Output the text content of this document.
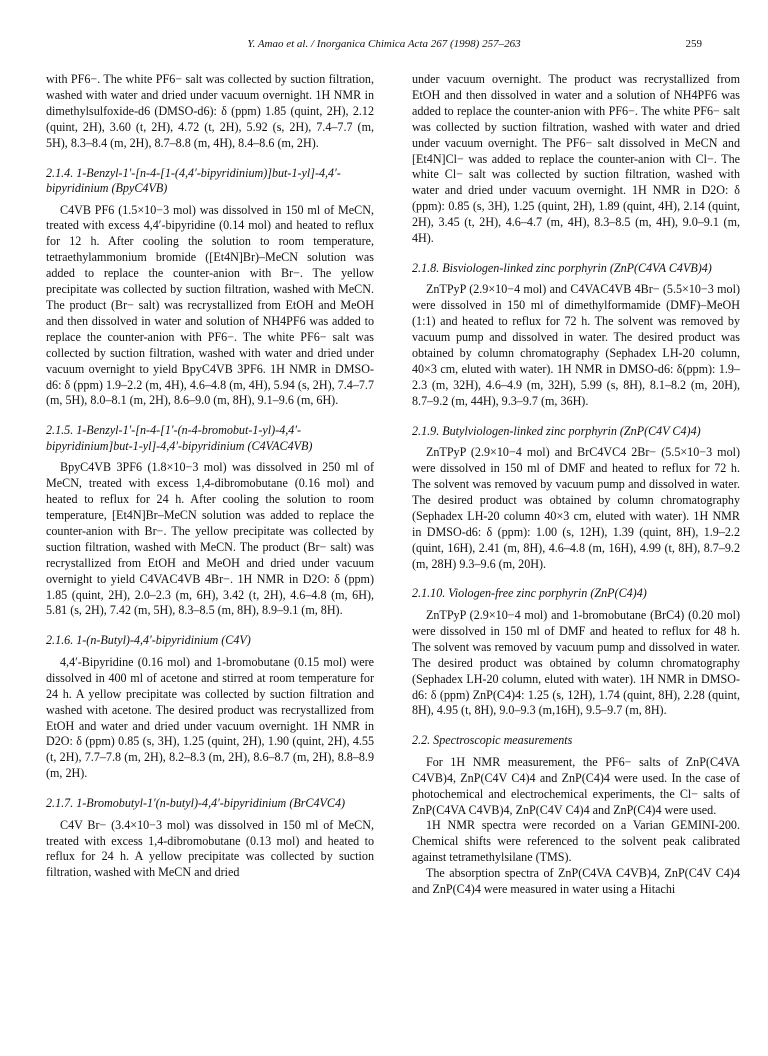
Y. Amao et al. / Inorganica Chimica Acta 267 (1998) 257–263	259

with PF6−. The white PF6− salt was collected by suction filtration, washed with water and dried under vacuum overnight. 1H NMR in dimethylsulfoxide-d6 (DMSO-d6): δ (ppm) 1.85 (quint, 2H), 2.12 (quint, 2H), 3.60 (t, 2H), 4.72 (t, 2H), 5.92 (s, 2H), 7.4–7.7 (m, 5H), 8.3–8.4 (m, 2H), 8.7–8.8 (m, 4H), 8.4–8.6 (m, 2H).

2.1.4. 1-Benzyl-1′-[n-4-[1-(4,4′-bipyridinium)]but-1-yl]-4,4′-bipyridinium (BpyC4VB)

C4VB PF6 (1.5×10−3 mol) was dissolved in 150 ml of MeCN, treated with excess 4,4′-bipyridine (0.14 mol) and heated to reflux for 12 h. After cooling the solution to room temperature, tetraethylammonium bromide ([Et4N]Br)–MeCN solution was added to replace the counter-anion with Br−. The yellow precipitate was collected by suction filtration, washed with MeCN. The product (Br− salt) was recrystallized from EtOH and MeOH and then dissolved in water and solution of NH4PF6 was added to replace the counter-anion with PF6−. The white PF6− salt was collected by suction filtration, washed with water and dried under vacuum overnight to yield BpyC4VB 3PF6. 1H NMR in DMSO-d6: δ (ppm) 1.9–2.2 (m, 4H), 4.6–4.8 (m, 4H), 5.94 (s, 2H), 7.4–7.7 (m, 5H), 8.0–8.1 (m, 2H), 8.6–9.0 (m, 8H), 9.1–9.6 (m, 6H).

2.1.5. 1-Benzyl-1′-[n-4-[1′-(n-4-bromobut-1-yl)-4,4′-bipyridinium]but-1-yl]-4,4′-bipyridinium (C4VAC4VB)

BpyC4VB 3PF6 (1.8×10−3 mol) was dissolved in 250 ml of MeCN, treated with excess 1,4-dibromobutane (0.16 mol) and heated to reflux for 24 h. After cooling the solution to room temperature, [Et4N]Br–MeCN solution was added to replace the counter-anion with Br−. The yellow precipitate was collected by suction filtration, washed with MeCN. The product (Br− salt) was recrystallized from EtOH and MeOH and dried under vacuum overnight to yield C4VAC4VB 4Br−. 1H NMR in D2O: δ (ppm) 1.85 (quint, 2H), 2.0–2.3 (m, 6H), 3.42 (t, 2H), 4.6–4.8 (m, 6H), 5.81 (s, 2H), 7.42 (m, 5H), 8.3–8.5 (m, 8H), 8.9–9.1 (m, 8H).

2.1.6. 1-(n-Butyl)-4,4′-bipyridinium (C4V)

4,4′-Bipyridine (0.16 mol) and 1-bromobutane (0.15 mol) were dissolved in 400 ml of acetone and stirred at room temperature for 24 h. A yellow precipitate was collected by suction filtration and washed with acetone. The desired product was recrystallized from EtOH and water and dried under vacuum overnight. 1H NMR in D2O: δ (ppm) 0.85 (s, 3H), 1.25 (quint, 2H), 1.90 (quint, 2H), 4.55 (t, 2H), 7.7–7.8 (m, 2H), 8.2–8.3 (m, 2H), 8.6–8.7 (m, 2H), 8.8–8.9 (m, 2H).

2.1.7. 1-Bromobutyl-1′(n-butyl)-4,4′-bipyridinium (BrC4VC4)

C4V Br− (3.4×10−3 mol) was dissolved in 150 ml of MeCN, treated with excess 1,4-dibromobutane (0.13 mol) and heated to reflux for 24 h. A yellow precipitate was collected by suction filtration, washed with MeCN and dried

under vacuum overnight. The product was recrystallized from EtOH and then dissolved in water and a solution of NH4PF6 was added to replace the counter-anion with PF6−. The white PF6− salt was collected by suction filtration, washed with water and dried under vacuum overnight. The PF6− salt dissolved in MeCN and [Et4N]Cl− was added to replace the counter-anion with Cl−. The white Cl− salt was collected by suction filtration, washed with water and dried under vacuum overnight. 1H NMR in D2O: δ (ppm): 0.85 (s, 3H), 1.25 (quint, 2H), 1.89 (quint, 4H), 2.14 (quint, 2H), 3.45 (t, 2H), 4.6–4.7 (m, 4H), 8.3–8.5 (m, 4H), 9.0–9.1 (m, 4H).

2.1.8. Bisviologen-linked zinc porphyrin (ZnP(C4VA C4VB)4)

ZnTPyP (2.9×10−4 mol) and C4VAC4VB 4Br− (5.5×10−3 mol) were dissolved in 150 ml of dimethylformamide (DMF)–MeOH (1:1) and heated to reflux for 72 h. The solvent was removed by vacuum pump and dissolved in water. The desired product was obtained by column chromatography (Sephadex LH-20 column, 40×3 cm, eluted with water). 1H NMR in DMSO-d6: δ(ppm): 1.9–2.3 (m, 32H), 4.6–4.9 (m, 32H), 5.99 (s, 8H), 8.1–8.2 (m, 20H), 8.7–9.2 (m, 44H), 9.3–9.7 (m, 36H).

2.1.9. Butylviologen-linked zinc porphyrin (ZnP(C4V C4)4)

ZnTPyP (2.9×10−4 mol) and BrC4VC4 2Br− (5.5×10−3 mol) were dissolved in 150 ml of DMF and heated to reflux for 72 h. The solvent was removed by vacuum pump and dissolved in water. The desired product was obtained by column chromatography (Sephadex LH-20 column 40×3 cm, eluted with water). 1H NMR in DMSO-d6: δ (ppm): 1.00 (s, 12H), 1.39 (quint, 8H), 1.9–2.2 (quint, 16H), 2.41 (m, 8H), 4.6–4.8 (m, 16H), 4.99 (t, 8H), 8.7–9.2 (m, 28H) 9.3–9.6 (m, 20H).

2.1.10. Viologen-free zinc porphyrin (ZnP(C4)4)

ZnTPyP (2.9×10−4 mol) and 1-bromobutane (BrC4) (0.20 mol) were dissolved in 150 ml of DMF and heated to reflux for 48 h. The solvent was removed by vacuum pump and dissolved in water. The desired product was obtained by column chromatography (Sephadex LH-20 column, eluted with water). 1H NMR in DMSO-d6: δ (ppm) ZnP(C4)4: 1.25 (s, 12H), 1.74 (quint, 8H), 2.28 (quint, 8H), 4.95 (t, 8H), 9.0–9.3 (m,16H), 9.5–9.7 (m, 8H).

2.2. Spectroscopic measurements

For 1H NMR measurement, the PF6− salts of ZnP(C4VA C4VB)4, ZnP(C4V C4)4 and ZnP(C4)4 were used. In the case of photochemical and electrochemical experiments, the Cl− salts of ZnP(C4VA C4VB)4, ZnP(C4V C4)4 and ZnP(C4)4 were used.

1H NMR spectra were recorded on a Varian GEMINI-200. Chemical shifts were referenced to the solvent peak calibrated against tetramethylsilane (TMS).

The absorption spectra of ZnP(C4VA C4VB)4, ZnP(C4V C4)4 and ZnP(C4)4 were measured in water using a Hitachi
